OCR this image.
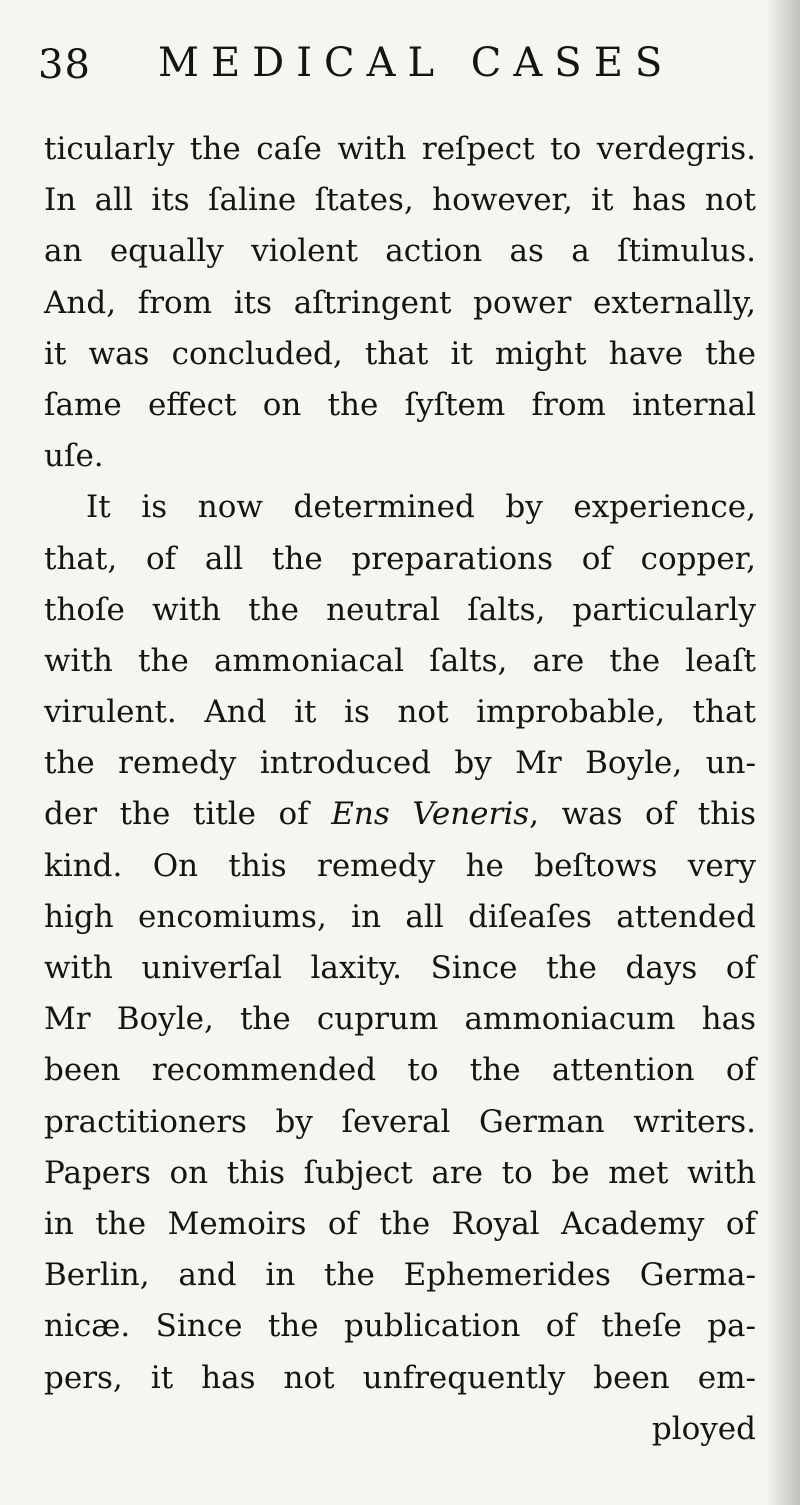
38 MEDICAL CASES
ticularly the caſe with reſpect to verdegris.
In all its ſaline ſtates, however, it has not
an equally violent action as a ſtimulus.
And, from its aſtringent power externally,
it was concluded, that it might have the
ſame effect on the ſyſtem from internal
uſe.
It is now determined by experience,
that, of all the preparations of copper,
thoſe with the neutral ſalts, particularly
with the ammoniacal ſalts, are the leaſt
virulent. And it is not improbable, that
the remedy introduced by Mr Boyle, un-
der the title of Ens Veneris, was of this
kind. On this remedy he beſtows very
high encomiums, in all diſeaſes attended
with univerſal laxity. Since the days of
Mr Boyle, the cuprum ammoniacum has
been recommended to the attention of
practitioners by ſeveral German writers.
Papers on this ſubject are to be met with
in the Memoirs of the Royal Academy of
Berlin, and in the Ephemerides Germa-
nicæ. Since the publication of theſe pa-
pers, it has not unfrequently been em-
ployed
